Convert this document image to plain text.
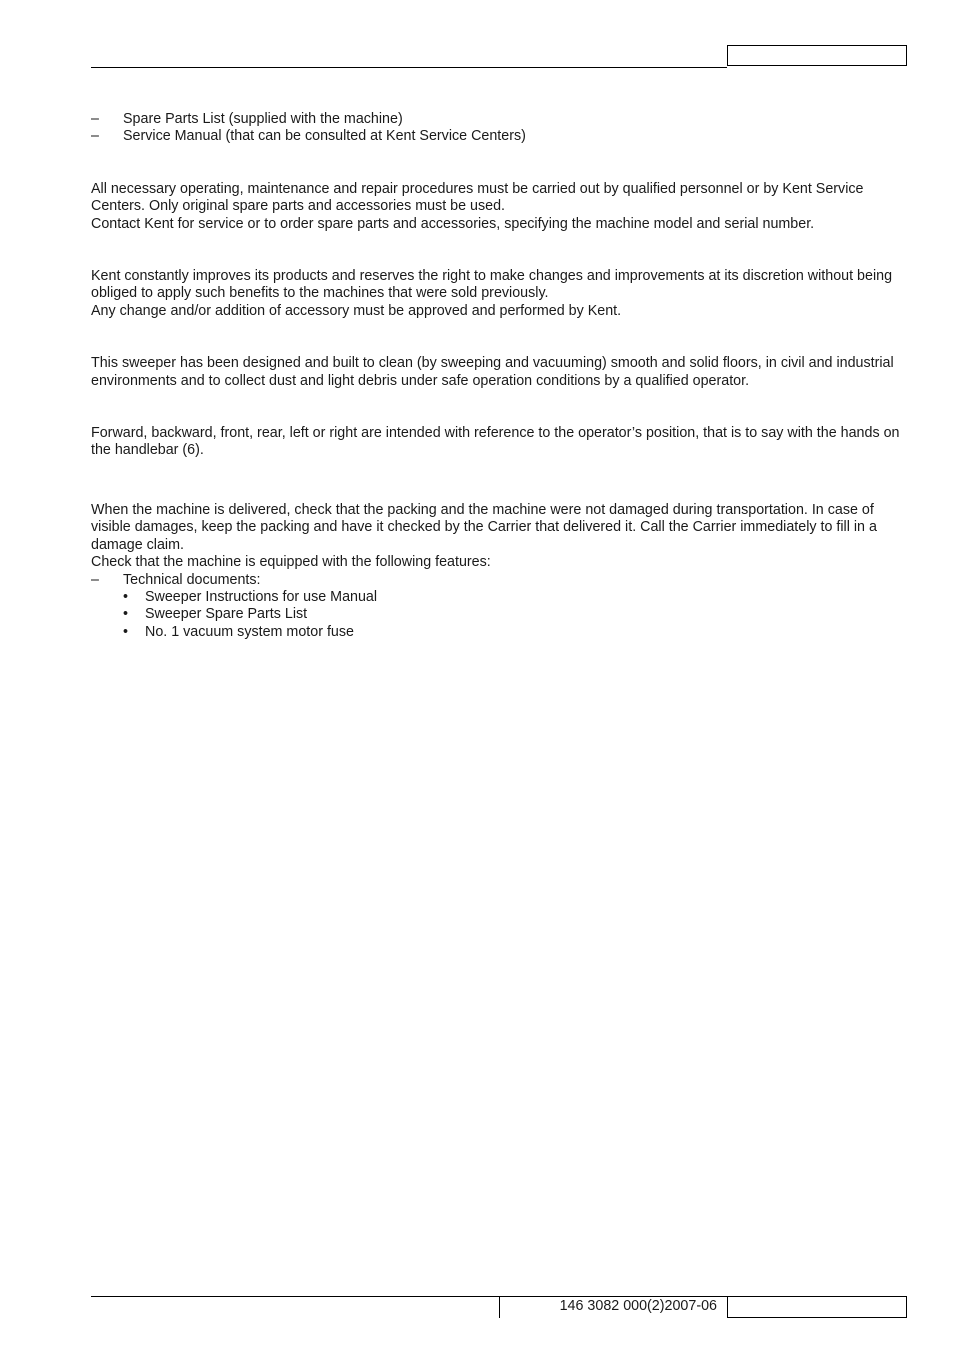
– Spare Parts List (supplied with the machine)
– Service Manual (that can be consulted at Kent Service Centers)

All necessary operating, maintenance and repair procedures must be carried out by qualified personnel or by Kent Service Centers. Only original spare parts and accessories must be used.

Contact Kent for service or to order spare parts and accessories, specifying the machine model and serial number.

Kent constantly improves its products and reserves the right to make changes and improvements at its discretion without being obliged to apply such benefits to the machines that were sold previously.

Any change and/or addition of accessory must be approved and performed by Kent.

This sweeper has been designed and built to clean (by sweeping and vacuuming) smooth and solid floors, in civil and industrial environments and to collect dust and light debris under safe operation conditions by a qualified operator.

Forward, backward, front, rear, left or right are intended with reference to the operator’s position, that is to say with the hands on the handlebar (6).

When the machine is delivered, check that the packing and the machine were not damaged during transportation. In case of visible damages, keep the packing and have it checked by the Carrier that delivered it. Call the Carrier immediately to fill in a damage claim.

Check that the machine is equipped with the following features:

– Technical documents:
• Sweeper Instructions for use Manual
• Sweeper Spare Parts List
• No. 1 vacuum system motor fuse
146 3082 000(2)2007-06
